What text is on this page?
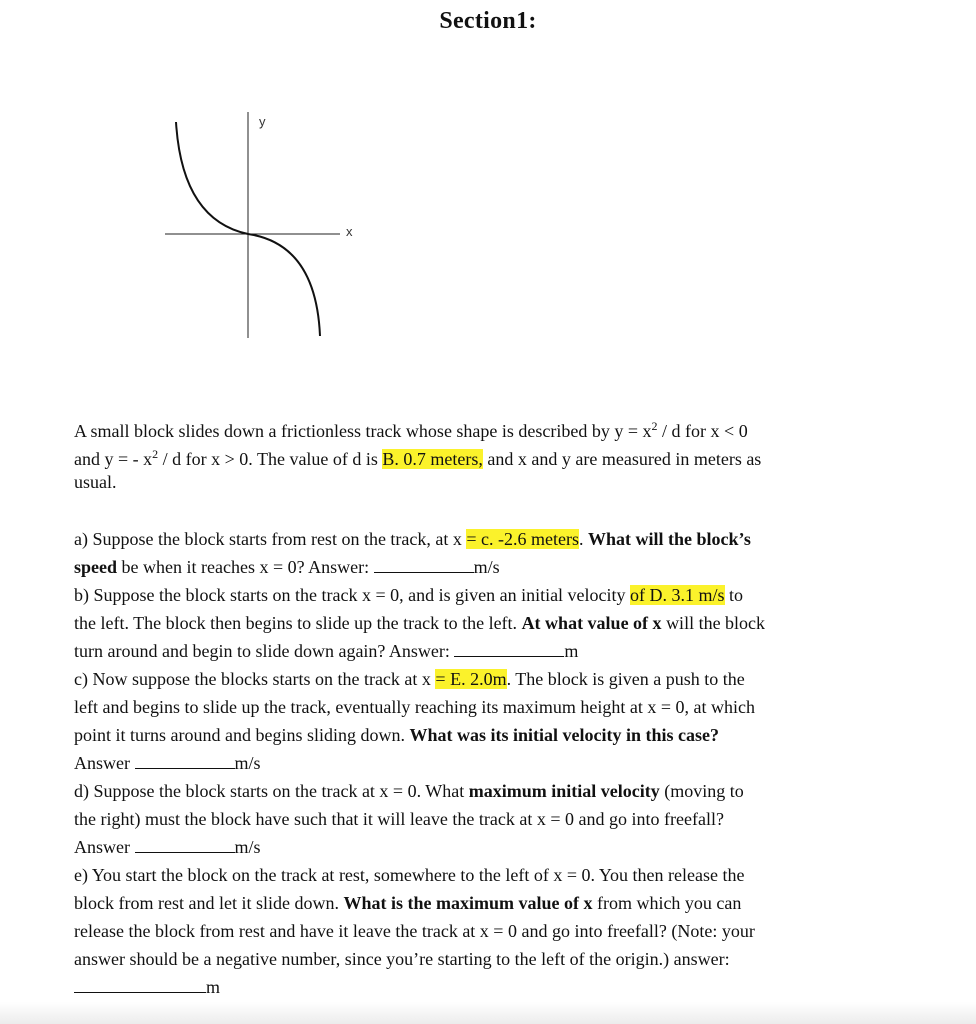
Section1:
y
x
A small block slides down a frictionless track whose shape is described by $y = x^2 / d$ for x < 0
and y = - $x^2$ / d for x > 0. The value of d is B. 0.7 meters, and x and y are measured in meters as
usual.
a) Suppose the block starts from rest on the track, at x = c. -2.6 meters. What will the block’s
speed be when it reaches x = 0? Answer:	m/s
b) Suppose the block starts on the track x = 0, and is given an initial velocity of D. 3.1 m/s to
the left. The block then begins to slide up the track to the left. At what value of x will the block
turn around and begin to slide down again? Answer:	m
c) Now suppose the blocks starts on the track at x = E. 2.0m. The block is given a push to the
left and begins to slide up the track, eventually reaching its maximum height at x = 0, at which
point it turns around and begins sliding down. What was its initial velocity in this case?
Answer	m/s
d) Suppose the block starts on the track at x = 0. What maximum initial velocity (moving to
the right) must the block have such that it will leave the track at x = 0 and go into freefall?
Answer	m/s
e) You start the block on the track at rest, somewhere to the left of x = 0. You then release the
block from rest and let it slide down. What is the maximum value of x from which you can
release the block from rest and have it leave the track at x = 0 and go into freefall? (Note: your
answer should be a negative number, since you’re starting to the left of the origin.) answer:
m
